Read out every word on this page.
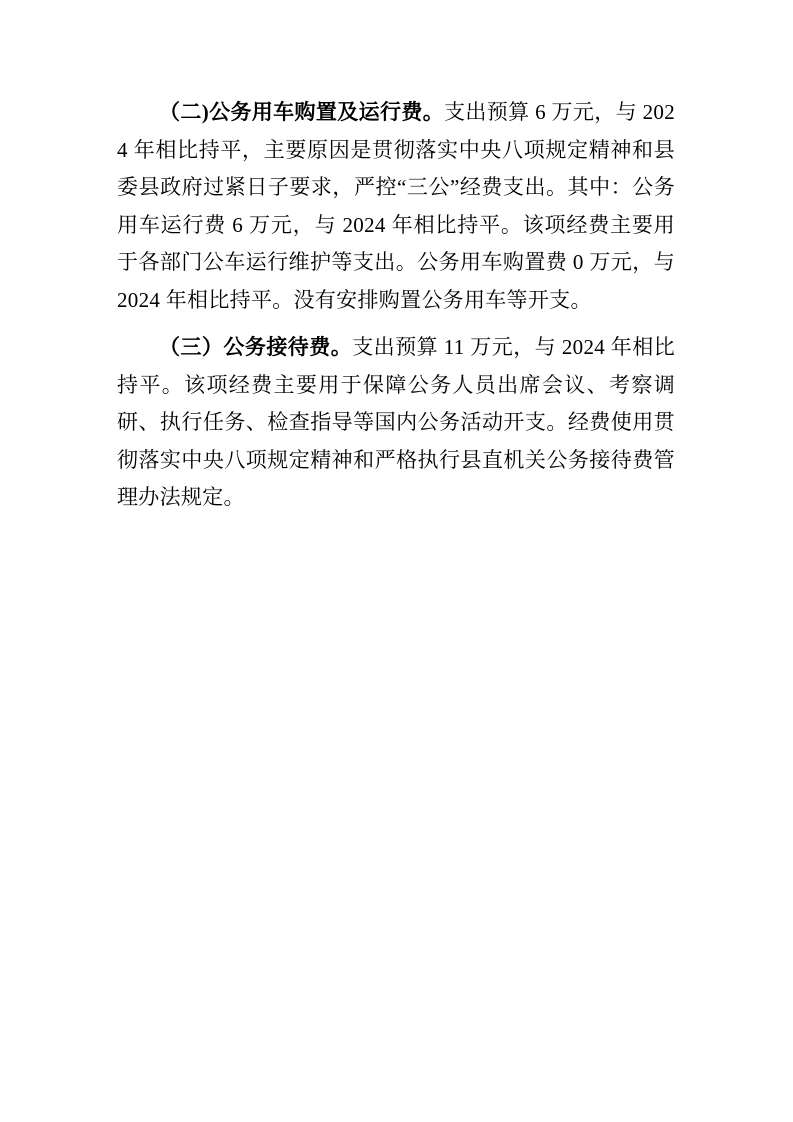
（二)公务用车购置及运行费。支出预算 6 万元，与 2024 年相比持平，主要原因是贯彻落实中央八项规定精神和县委县政府过紧日子要求，严控“三公”经费支出。其中：公务用车运行费 6 万元，与 2024 年相比持平。该项经费主要用于各部门公车运行维护等支出。公务用车购置费 0 万元，与 2024 年相比持平。没有安排购置公务用车等开支。

（三）公务接待费。支出预算 11 万元，与 2024 年相比持平。该项经费主要用于保障公务人员出席会议、考察调研、执行任务、检查指导等国内公务活动开支。经费使用贯彻落实中央八项规定精神和严格执行县直机关公务接待费管理办法规定。
